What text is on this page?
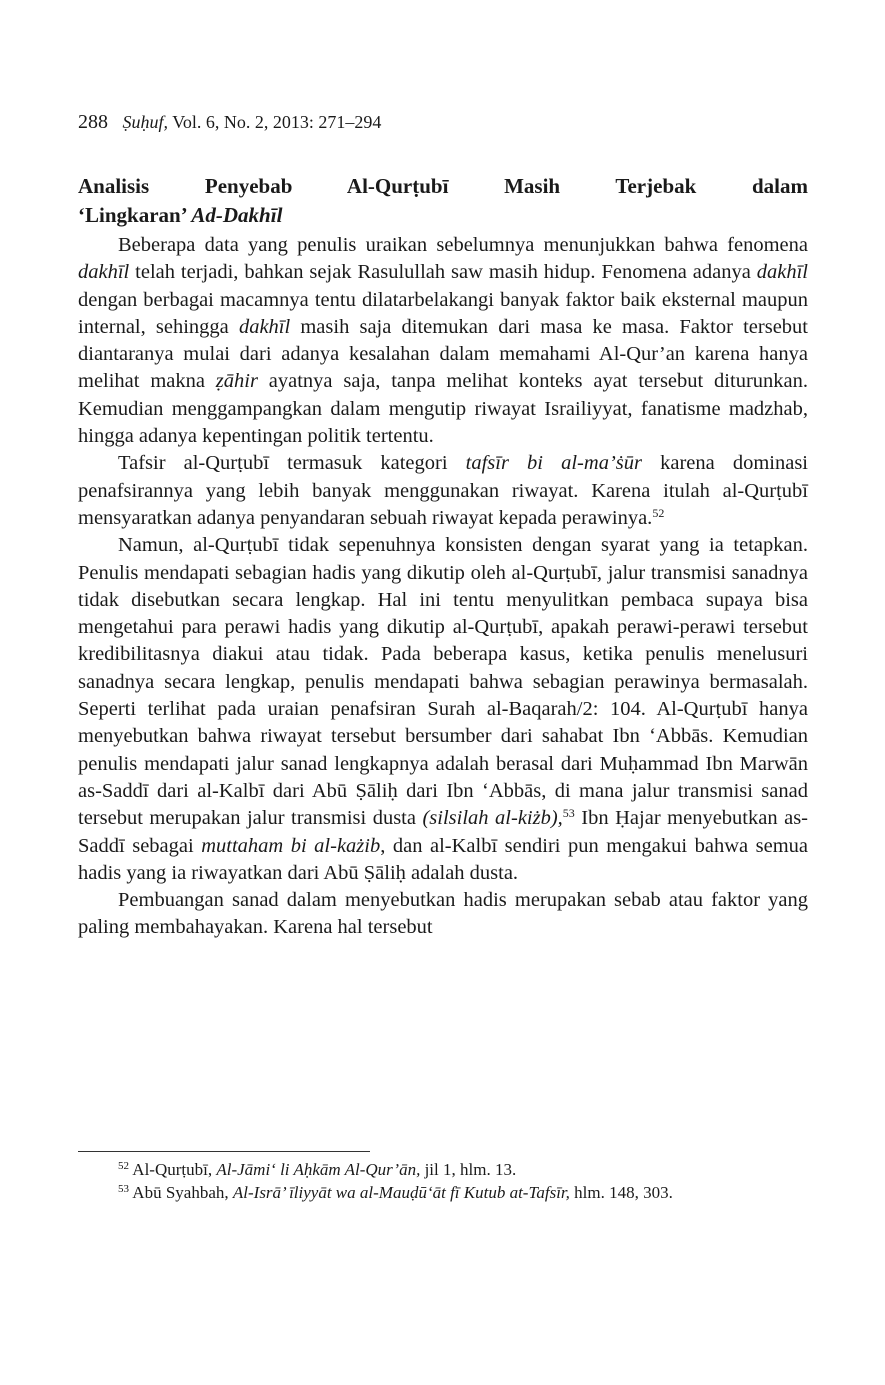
288 Ṣuḥuf, Vol. 6, No. 2, 2013: 271–294
Analisis Penyebab Al-Qurṭubī Masih Terjebak dalam
‘Lingkaran’ Ad-Dakhīl

Beberapa data yang penulis uraikan sebelumnya menunjukkan bahwa fenomena dakhīl telah terjadi, bahkan sejak Rasulullah saw masih hidup. Fenomena adanya dakhīl dengan berbagai macamnya tentu dilatarbelakangi banyak faktor baik eksternal maupun internal, sehingga dakhīl masih saja ditemukan dari masa ke masa. Faktor tersebut diantaranya mulai dari adanya kesalahan dalam memahami Al-Qur’an karena hanya melihat makna ẓāhir ayatnya saja, tanpa melihat konteks ayat tersebut diturunkan. Kemudian menggampangkan dalam mengutip riwayat Israiliyyat, fanatisme madzhab, hingga adanya kepentingan politik tertentu.

Tafsir al-Qurṭubī termasuk kategori tafsīr bi al-ma’ṡūr karena dominasi penafsirannya yang lebih banyak menggunakan riwayat. Karena itulah al-Qurṭubī mensyaratkan adanya penyandaran sebuah riwayat kepada perawinya.$^{52}$

Namun, al-Qurṭubī tidak sepenuhnya konsisten dengan syarat yang ia tetapkan. Penulis mendapati sebagian hadis yang dikutip oleh al-Qurṭubī, jalur transmisi sanadnya tidak disebutkan secara lengkap. Hal ini tentu menyulitkan pembaca supaya bisa mengetahui para perawi hadis yang dikutip al-Qurṭubī, apakah perawi-perawi tersebut kredibilitasnya diakui atau tidak. Pada beberapa kasus, ketika penulis menelusuri sanadnya secara lengkap, penulis mendapati bahwa sebagian perawinya bermasalah. Seperti terlihat pada uraian penafsiran Surah al-Baqarah/2: 104. Al-Qurṭubī hanya menyebutkan bahwa riwayat tersebut bersumber dari sahabat Ibn ‘Abbās. Kemudian penulis mendapati jalur sanad lengkapnya adalah berasal dari Muḥammad Ibn Marwān as-Saddī dari al-Kalbī dari Abū Ṣāliḥ dari Ibn ‘Abbās, di mana jalur transmisi sanad tersebut merupakan jalur transmisi dusta (silsilah al-kiżb),$^{53}$ Ibn Ḥajar menyebutkan as-Saddī sebagai muttaham bi al-każib, dan al-Kalbī sendiri pun mengakui bahwa semua hadis yang ia riwayatkan dari Abū Ṣāliḥ adalah dusta.

Pembuangan sanad dalam menyebutkan hadis merupakan sebab atau faktor yang paling membahayakan. Karena hal tersebut

$^{52}$ Al-Qurṭubī, Al-Jāmi‘ li Aḥkām Al-Qur’ān, jil 1, hlm. 13.

$^{53}$ Abū Syahbah, Al-Isrā’ īliyyāt wa al-Mauḍū‘āt fī Kutub at-Tafsīr, hlm. 148, 303.
